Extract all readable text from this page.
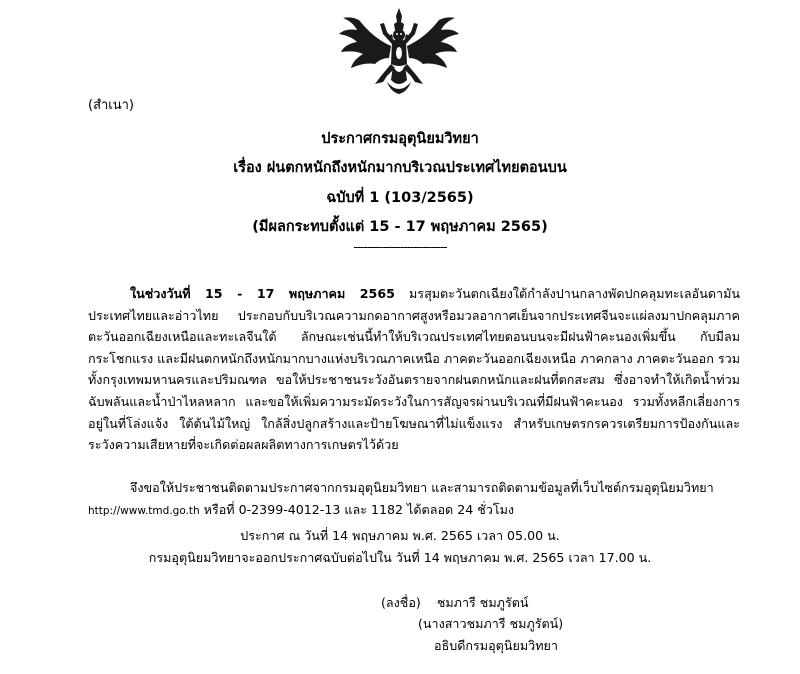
(สำเนา)
ประกาศกรมอุตุนิยมวิทยา
เรื่อง ฝนตกหนักถึงหนักมากบริเวณประเทศไทยตอนบน
ฉบับที่ 1 (103/2565)
(มีผลกระทบตั้งแต่ 15 - 17 พฤษภาคม 2565)
----------------------------
ในช่วงวันที่ 15 - 17 พฤษภาคม 2565 มรสุมตะวันตกเฉียงใต้กำลังปานกลางพัดปกคลุมทะเลอันดามัน ประเทศไทยและอ่าวไทย ประกอบกับบริเวณความกดอากาศสูงหรือมวลอากาศเย็นจากประเทศจีนจะแผ่ลงมาปกคลุมภาคตะวันออกเฉียงเหนือและทะเลจีนใต้ ลักษณะเช่นนี้ทำให้บริเวณประเทศไทยตอนบนจะมีฝนฟ้าคะนองเพิ่มขึ้น กับมีลมกระโชกแรง และมีฝนตกหนักถึงหนักมากบางแห่งบริเวณภาคเหนือ ภาคตะวันออกเฉียงเหนือ ภาคกลาง ภาคตะวันออก รวมทั้งกรุงเทพมหานครและปริมณฑล ขอให้ประชาชนระวังอันตรายจากฝนตกหนักและฝนที่ตกสะสม ซึ่งอาจทำให้เกิดน้ำท่วมฉับพลันและน้ำป่าไหลหลาก และขอให้เพิ่มความระมัดระวังในการสัญจรผ่านบริเวณที่มีฝนฟ้าคะนอง รวมทั้งหลีกเลี่ยงการอยู่ในที่โล่งแจ้ง ใต้ต้นไม้ใหญ่ ใกล้สิ่งปลูกสร้างและป้ายโฆษณาที่ไม่แข็งแรง สำหรับเกษตรกรควรเตรียมการป้องกันและระวังความเสียหายที่จะเกิดต่อผลผลิตทางการเกษตรไว้ด้วย
จึงขอให้ประชาชนติดตามประกาศจากกรมอุตุนิยมวิทยา และสามารถติดตามข้อมูลที่เว็บไซต์กรมอุตุนิยมวิทยา http://www.tmd.go.th หรือที่ 0-2399-4012-13 และ 1182 ได้ตลอด 24 ชั่วโมง
ประกาศ ณ วันที่ 14 พฤษภาคม พ.ศ. 2565 เวลา 05.00 น.
กรมอุตุนิยมวิทยาจะออกประกาศฉบับต่อไปใน วันที่ 14 พฤษภาคม พ.ศ. 2565 เวลา 17.00 น.
(ลงชื่อ) ชมภารี ชมภูรัตน์
(นางสาวชมภารี ชมภูรัตน์)
อธิบดีกรมอุตุนิยมวิทยา
